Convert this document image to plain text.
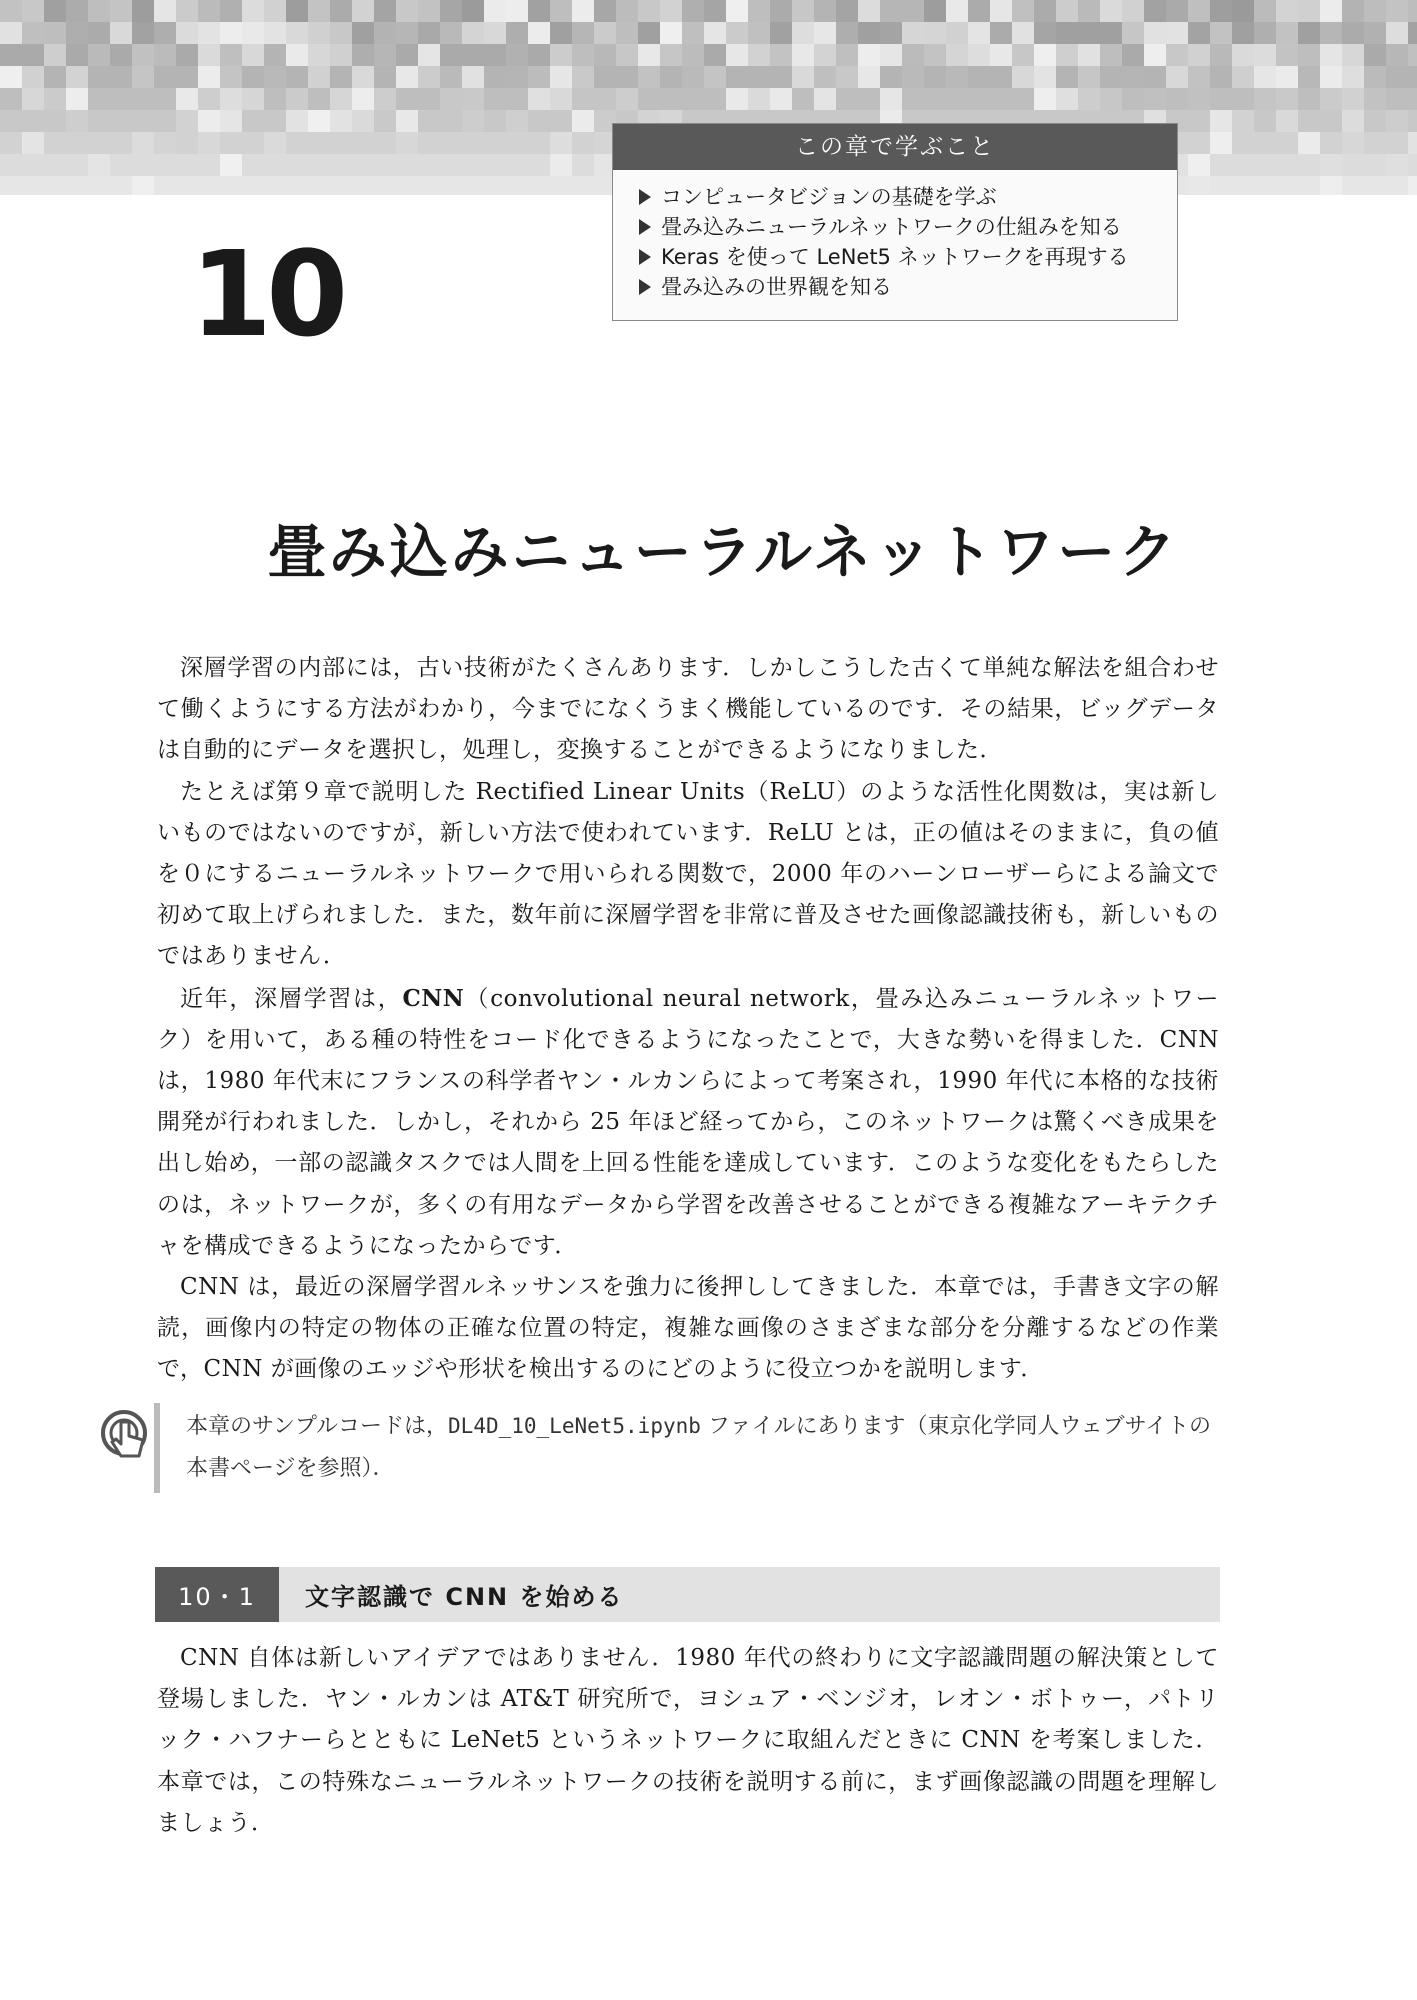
この章で学ぶこと
コンピュータビジョンの基礎を学ぶ
畳み込みニューラルネットワークの仕組みを知る
Keras を使って LeNet5 ネットワークを再現する
畳み込みの世界観を知る
10
畳み込みニューラルネットワーク

深層学習の内部には，古い技術がたくさんあります．しかしこうした古くて単純な解法を組合わせて働くようにする方法がわかり，今までになくうまく機能しているのです．その結果，ビッグデータは自動的にデータを選択し，処理し，変換することができるようになりました．

たとえば第９章で説明した Rectified Linear Units（ReLU）のような活性化関数は，実は新しいものではないのですが，新しい方法で使われています．ReLU とは，正の値はそのままに，負の値を０にするニューラルネットワークで用いられる関数で，2000 年のハーンローザーらによる論文で初めて取上げられました．また，数年前に深層学習を非常に普及させた画像認識技術も，新しいものではありません．

近年，深層学習は，CNN（convolutional neural network，畳み込みニューラルネットワーク）を用いて，ある種の特性をコード化できるようになったことで，大きな勢いを得ました．CNN は，1980 年代末にフランスの科学者ヤン・ルカンらによって考案され，1990 年代に本格的な技術開発が行われました．しかし，それから 25 年ほど経ってから，このネットワークは驚くべき成果を出し始め，一部の認識タスクでは人間を上回る性能を達成しています．このような変化をもたらしたのは，ネットワークが，多くの有用なデータから学習を改善させることができる複雑なアーキテクチャを構成できるようになったからです．

CNN は，最近の深層学習ルネッサンスを強力に後押ししてきました．本章では，手書き文字の解読，画像内の特定の物体の正確な位置の特定，複雑な画像のさまざまな部分を分離するなどの作業で，CNN が画像のエッジや形状を検出するのにどのように役立つかを説明します．

本章のサンプルコードは，DL4D_10_LeNet5.ipynb ファイルにあります（東京化学同人ウェブサイトの本書ページを参照）．
10・1	文字認識で CNN を始める

CNN 自体は新しいアイデアではありません．1980 年代の終わりに文字認識問題の解決策として登場しました．ヤン・ルカンは AT&T 研究所で，ヨシュア・ベンジオ，レオン・ボトゥー，パトリック・ハフナーらとともに LeNet5 というネットワークに取組んだときに CNN を考案しました．本章では，この特殊なニューラルネットワークの技術を説明する前に，まず画像認識の問題を理解しましょう．
